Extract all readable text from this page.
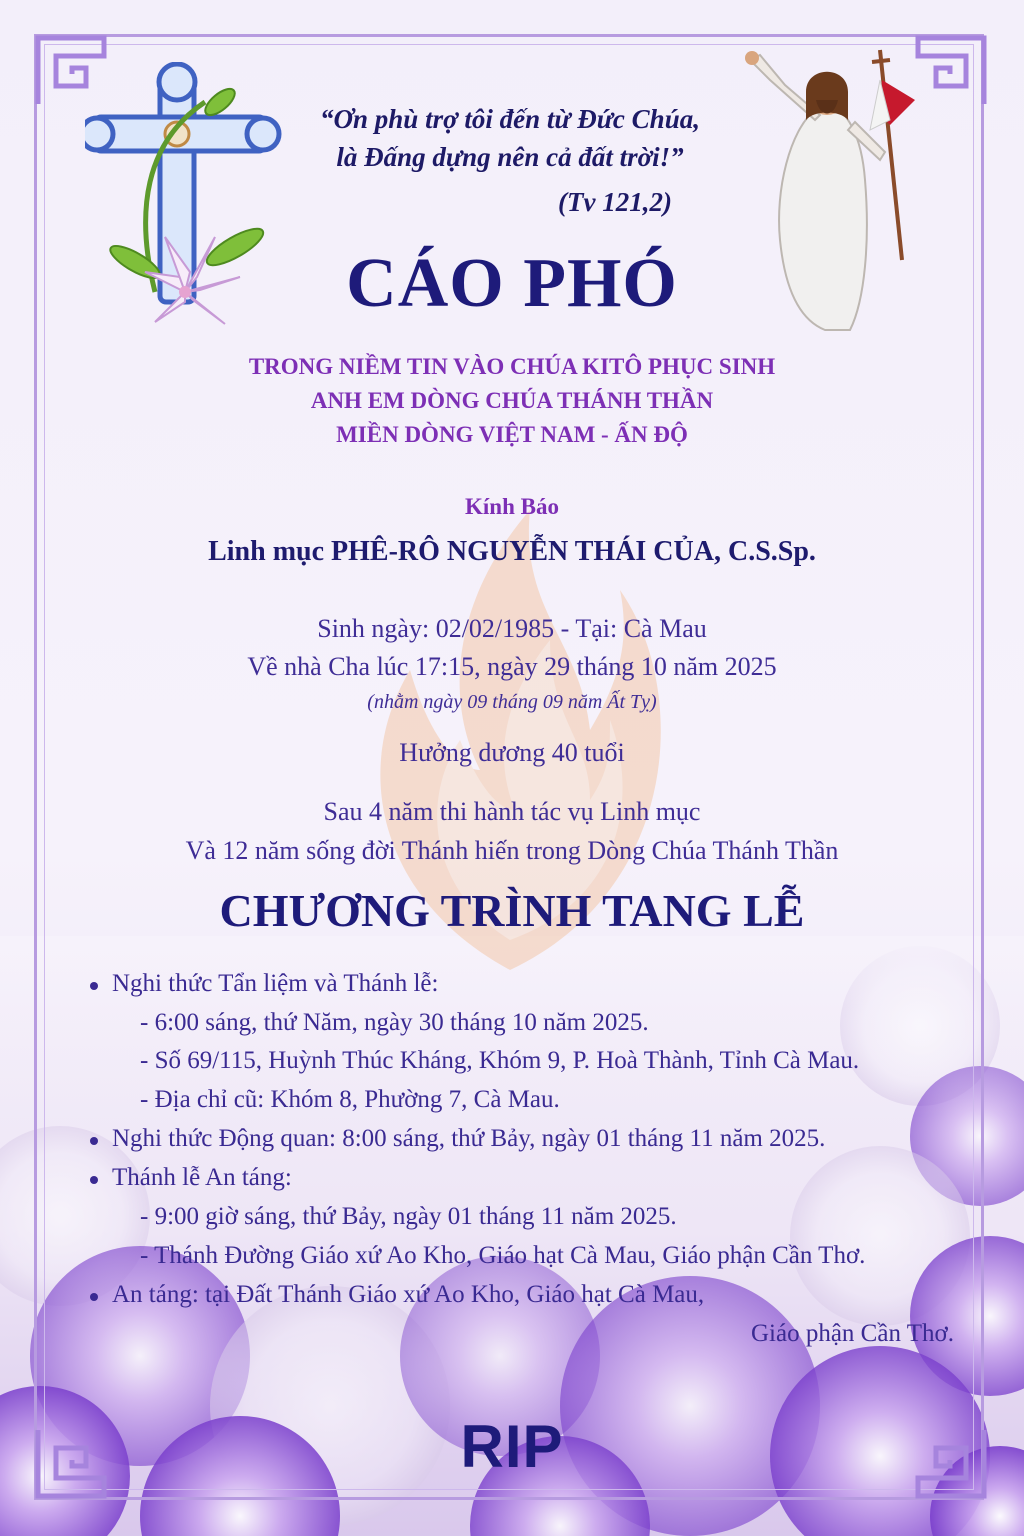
“Ơn phù trợ tôi đến từ Đức Chúa,
là Đấng dựng nên cả đất trời!”
(Tv 121,2)
CÁO PHÓ
TRONG NIỀM TIN VÀO CHÚA KITÔ PHỤC SINH
ANH EM DÒNG CHÚA THÁNH THẦN
MIỀN DÒNG VIỆT NAM - ẤN ĐỘ
Kính Báo
Linh mục PHÊ-RÔ NGUYỄN THÁI CỦA, C.S.Sp.
Sinh ngày: 02/02/1985 - Tại: Cà Mau
Về nhà Cha lúc 17:15, ngày 29 tháng 10 năm 2025
(nhằm ngày 09 tháng 09 năm Ất Tỵ)
Hưởng dương 40 tuổi
Sau 4 năm thi hành tác vụ Linh mục
Và 12 năm sống đời Thánh hiến trong Dòng Chúa Thánh Thần
CHƯƠNG TRÌNH TANG LỄ
Nghi thức Tẩn liệm và Thánh lễ:
- 6:00 sáng, thứ Năm, ngày 30 tháng 10 năm 2025.
- Số 69/115, Huỳnh Thúc Kháng, Khóm 9, P. Hoà Thành, Tỉnh Cà Mau.
- Địa chỉ cũ: Khóm 8, Phường 7, Cà Mau.
Nghi thức Động quan: 8:00 sáng, thứ Bảy, ngày 01 tháng 11 năm 2025.
Thánh lễ An táng:
- 9:00 giờ sáng, thứ Bảy, ngày 01 tháng 11 năm 2025.
- Thánh Đường Giáo xứ Ao Kho, Giáo hạt Cà Mau, Giáo phận Cần Thơ.
An táng: tại Đất Thánh Giáo xứ Ao Kho, Giáo hạt Cà Mau,
Giáo phận Cần Thơ.
RIP
